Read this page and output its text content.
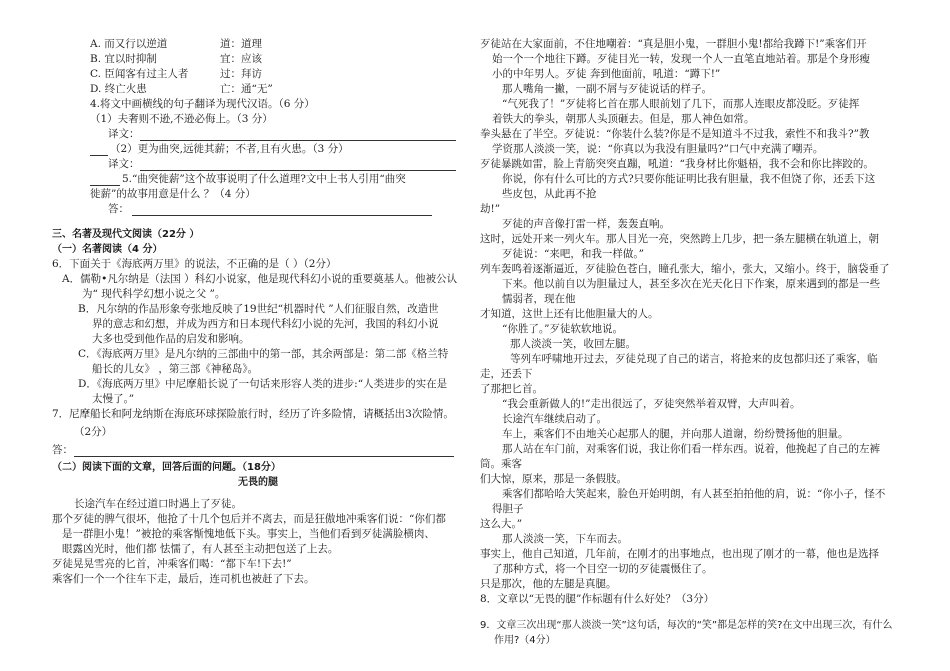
A. 而又行以逆道	道：道理
B. 宜以时抑制	宜：应该
C. 臣闻客有过主人者	过：拜访
D. 终亡火患	亡：通“无”
4.将文中画横线的句子翻译为现代汉语。（6 分）
（1）夫奢则不逊,不逊必侮上。（3 分）
译文：
（2）更为曲突,远徙其薪；不者,且有火患。（3 分）
译文：
5.“曲突徙薪”这个故事说明了什么道理?文中上书人引用“曲突
徙薪”的故事用意是什么 ？（4 分）
答：
三、名著及现代文阅读（22分 ）
（一）名著阅读（4 分）
6．下面关于《海底两万里》的说法，不正确的是（ ）（2分）
A．儒勒•凡尔纳是（法国 ）科幻小说家，他是现代科幻小说的重要奠基人。他被公认
为“ 现代科学幻想小说之父 ”。
B．凡尔纳的作品形象夸张地反映了19世纪“机器时代 ”人们征服自然，改造世
界的意志和幻想，并成为西方和日本现代科幻小说的先河，我国的科幻小说
大多也受到他作品的启发和影响。
C．《海底两万里》是凡尔纳的三部曲中的第一部，其余两部是：第二部《格兰特
船长的儿女》 ，第三部《神秘岛》。
D．《海底两万里》中尼摩船长说了一句话来形容人类的进步:“人类进步的实在是
太慢了。”
7．尼摩船长和阿龙纳斯在海底环球探险旅行时，经历了许多险情，请概括出3次险情。
（2分）
答：
（二）阅读下面的文章，回答后面的问题。（18分）
无畏的腿
长途汽车在经过道口时遇上了歹徒。
那个歹徒的脾气很坏，他抢了十几个包后并不离去，而是狂傲地冲乘客们说：“你们都
是一群胆小鬼！”被抢的乘客惭愧地低下头。事实上，当他们看到歹徒满脸横肉、
眼露凶光时，他们都 怯懦了，有人甚至主动把包送了上去。
歹徒晃晃雪亮的匕首，冲乘客们喝：“都下车!下去!”
乘客们一个一个往车下走，最后，连司机也被赶了下去。
歹徒站在大家面前，不住地嘲着：“真是胆小鬼，一群胆小鬼!都给我蹲下!”乘客们开
始一个一个地往下蹲。歹徒目光一转，发现一个人一直笔直地站着。那是个身形瘦
小的中年男人。歹徒 奔到他面前，吼道：“蹲下!”
那人嘴角一撇，一副不屑与歹徒说话的样子。
“气死我了！”歹徒将匕首在那人眼前划了几下，而那人连眼皮都没眨。歹徒挥
着铁大的拳头，朝那人头顶砸去。但是，那人神色如常。
拳头悬在了半空。歹徒说：“你装什么装?你是不是知道斗不过我，索性不和我斗?”教
学资那人淡淡一笑，说：“你真以为我没有胆量吗?”口气中充满了嘲弄。
歹徒暴跳如雷，脸上青筋突突直蹦，吼道：“我身材比你魁梧，我不会和你比摔跤的。
你说，你有什么可比的方式?只要你能证明比我有胆量，我不但饶了你，还丢下这
些皮包，从此再不抢
劫!”
歹徒的声音像打雷一样，轰轰直响。
这时，远处开来一列火车。那人目光一亮，突然跨上几步，把一条左腿横在轨道上，朝
歹徒说：“来吧，和我一样做。”
列车轰鸣着逐渐逼近，歹徒脸色苍白，瞳孔张大，缩小，张大，又缩小。终于，脑袋垂了
下来。他以前自以为胆量过人，甚至多次在光天化日下作案，原来遇到的都是一些
懦弱者，现在他
才知道，这世上还有比他胆量大的人。
“你胜了。”歹徒软软地说。
那人淡淡一笑，收回左腿。
等列车呼啸地开过去，歹徒兑现了自己的诺言，将抢来的皮包都归还了乘客，临
走，还丢下
了那把匕首。
“我会重新做人的!”走出很远了，歹徒突然举着双臂，大声叫着。
长途汽车继续启动了。
车上，乘客们不由地关心起那人的腿，并向那人道谢，纷纷赞扬他的胆量。
那人站在车门前，对乘客们说，我让你们看一样东西。说着，他挽起了自己的左裤
筒。乘客
们大惊，原来，那是一条假肢。
乘客们都哈哈大笑起来，脸色开始明朗，有人甚至拍拍他的肩，说：“你小子，怪不
得胆子
这么大。”
那人淡淡一笑，下车而去。
事实上，他自己知道，几年前，在刚才的出事地点，也出现了刚才的一幕，他也是选择
了那种方式，将一个目空一切的歹徒震慑住了。
只是那次，他的左腿是真腿。
8．文章以“无畏的腿”作标题有什么好处？（3分）
9．文章三次出现“那人淡淡一笑”这句话，每次的“笑”都是怎样的笑?在文中出现三次，有什么
作用?（4分）
